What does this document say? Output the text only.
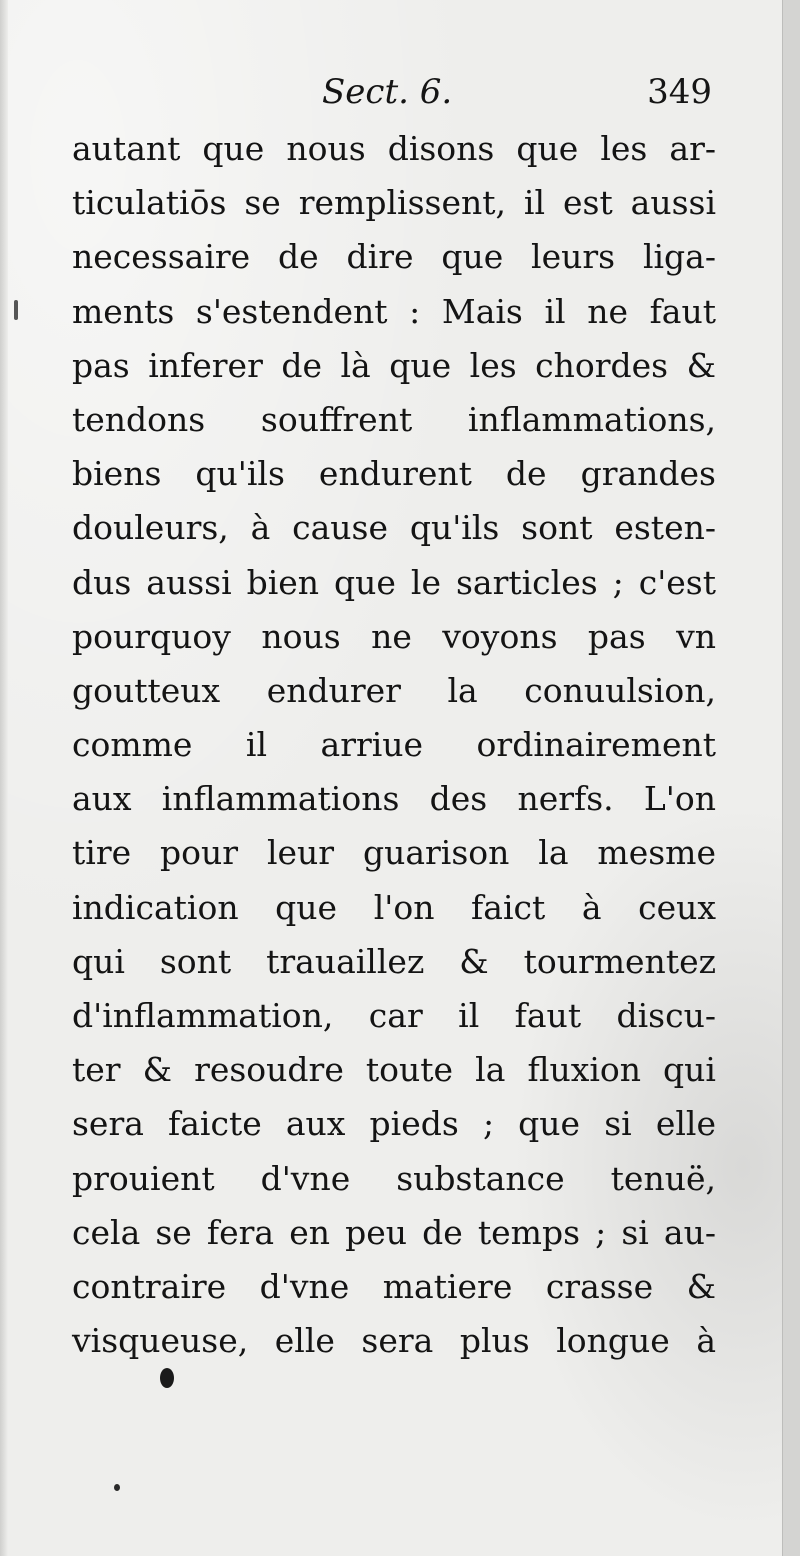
Sect. 6.	349
autant que nous disons que les ar-
ticulatiōs se remplissent, il est aussi
necessaire de dire que leurs liga-
ments s'estendent : Mais il ne faut
pas inferer de là que les chordes &
tendons souffrent inflammations,
biens qu'ils endurent de grandes
douleurs, à cause qu'ils sont esten-
dus aussi bien que le sarticles ; c'est
pourquoy nous ne voyons pas vn
goutteux endurer la conuulsion,
comme il arriue ordinairement
aux inflammations des nerfs. L'on
tire pour leur guarison la mesme
indication que l'on faict à ceux
qui sont trauaillez & tourmentez
d'inflammation, car il faut discu-
ter & resoudre toute la fluxion qui
sera faicte aux pieds ; que si elle
prouient d'vne substance tenuë,
cela se fera en peu de temps ; si au-
contraire d'vne matiere crasse &
visqueuse, elle sera plus longue à
